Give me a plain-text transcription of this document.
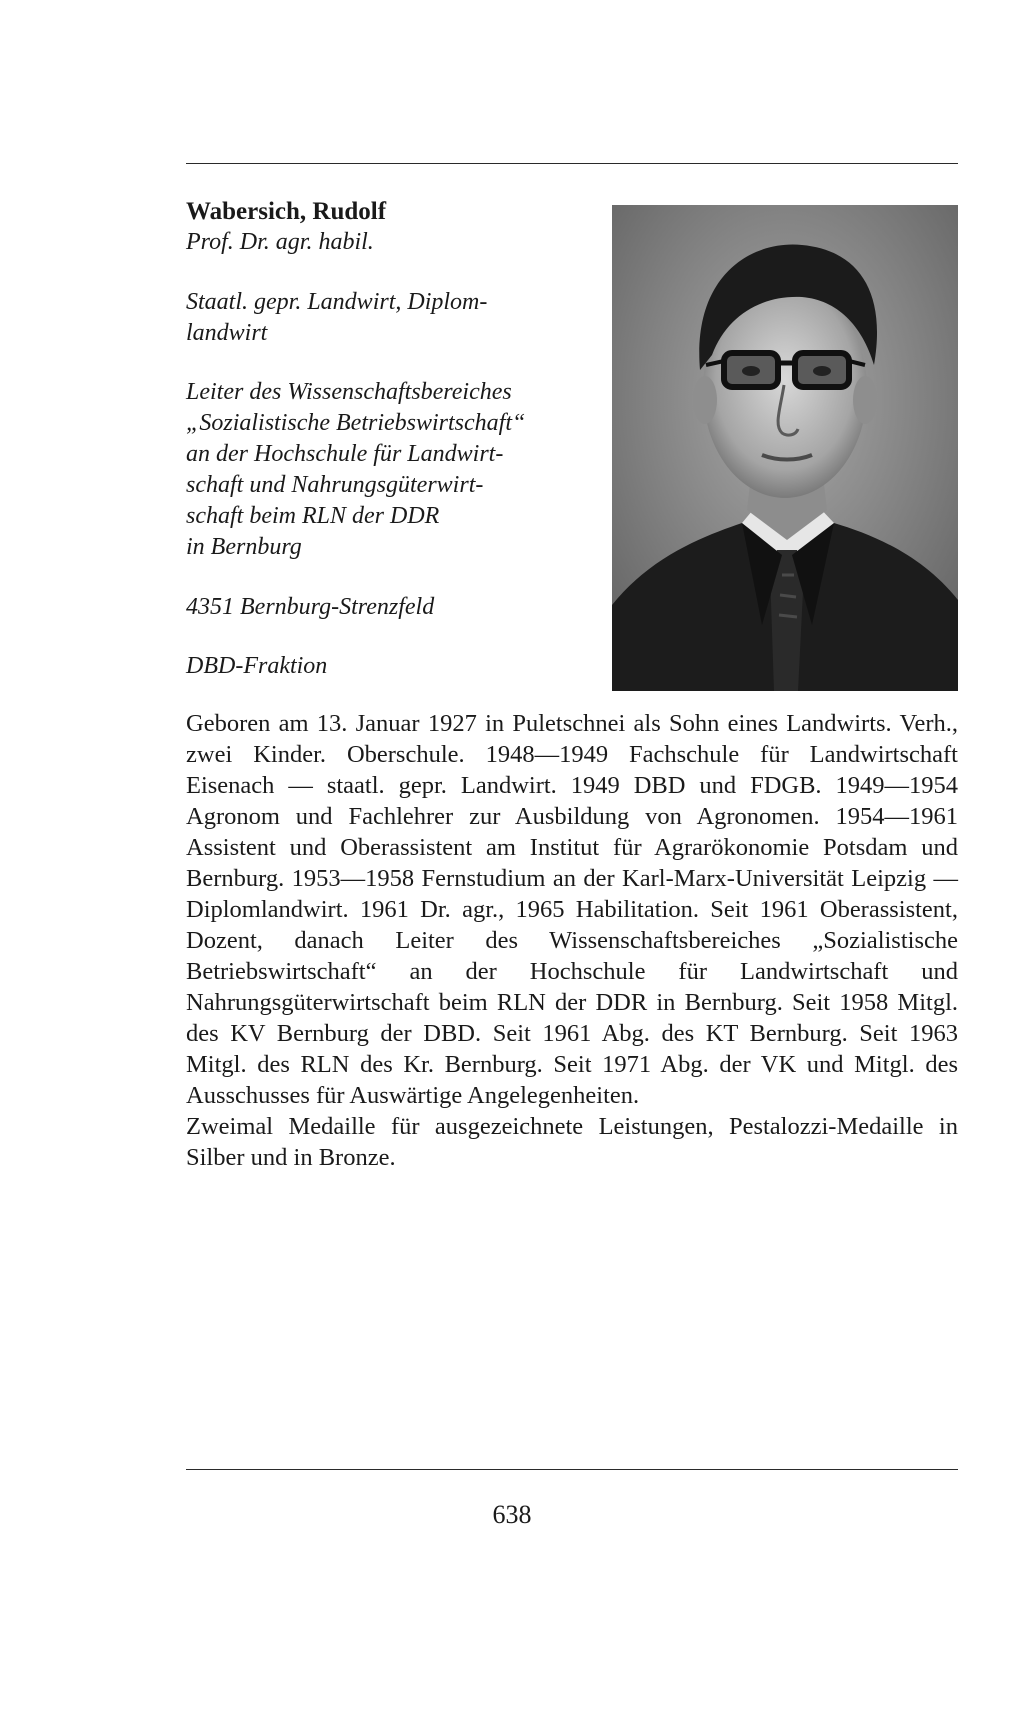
Wabersich, Rudolf

Prof. Dr. agr. habil.

Staatl. gepr. Landwirt, Diplom-

landwirt

Leiter des Wissenschaftsbereiches

„Sozialistische Betriebswirtschaft“

an der Hochschule für Landwirt-

schaft und Nahrungsgüterwirt-

schaft beim RLN der DDR

in Bernburg

4351 Bernburg-Strenzfeld

DBD-Fraktion

Geboren am 13. Januar 1927 in Puletschnei als Sohn eines Landwirts. Verh., zwei Kinder. Oberschule. 1948—1949 Fachschule für Landwirtschaft Eisenach — staatl. gepr. Landwirt. 1949 DBD und FDGB. 1949—1954 Agronom und Fachlehrer zur Ausbildung von Agronomen. 1954—1961 Assistent und Oberassistent am Institut für Agrarökonomie Potsdam und Bernburg. 1953—1958 Fernstudium an der Karl-Marx-Universität Leipzig — Diplomlandwirt. 1961 Dr. agr., 1965 Habilitation. Seit 1961 Oberassistent, Dozent, danach Leiter des Wissenschaftsbereiches „Sozialistische Betriebswirtschaft“ an der Hochschule für Landwirtschaft und Nahrungsgüterwirtschaft beim RLN der DDR in Bernburg. Seit 1958 Mitgl. des KV Bernburg der DBD. Seit 1961 Abg. des KT Bernburg. Seit 1963 Mitgl. des RLN des Kr. Bernburg. Seit 1971 Abg. der VK und Mitgl. des Ausschusses für Auswärtige Angelegenheiten.

Zweimal Medaille für ausgezeichnete Leistungen, Pestalozzi-Medaille in Silber und in Bronze.

638
